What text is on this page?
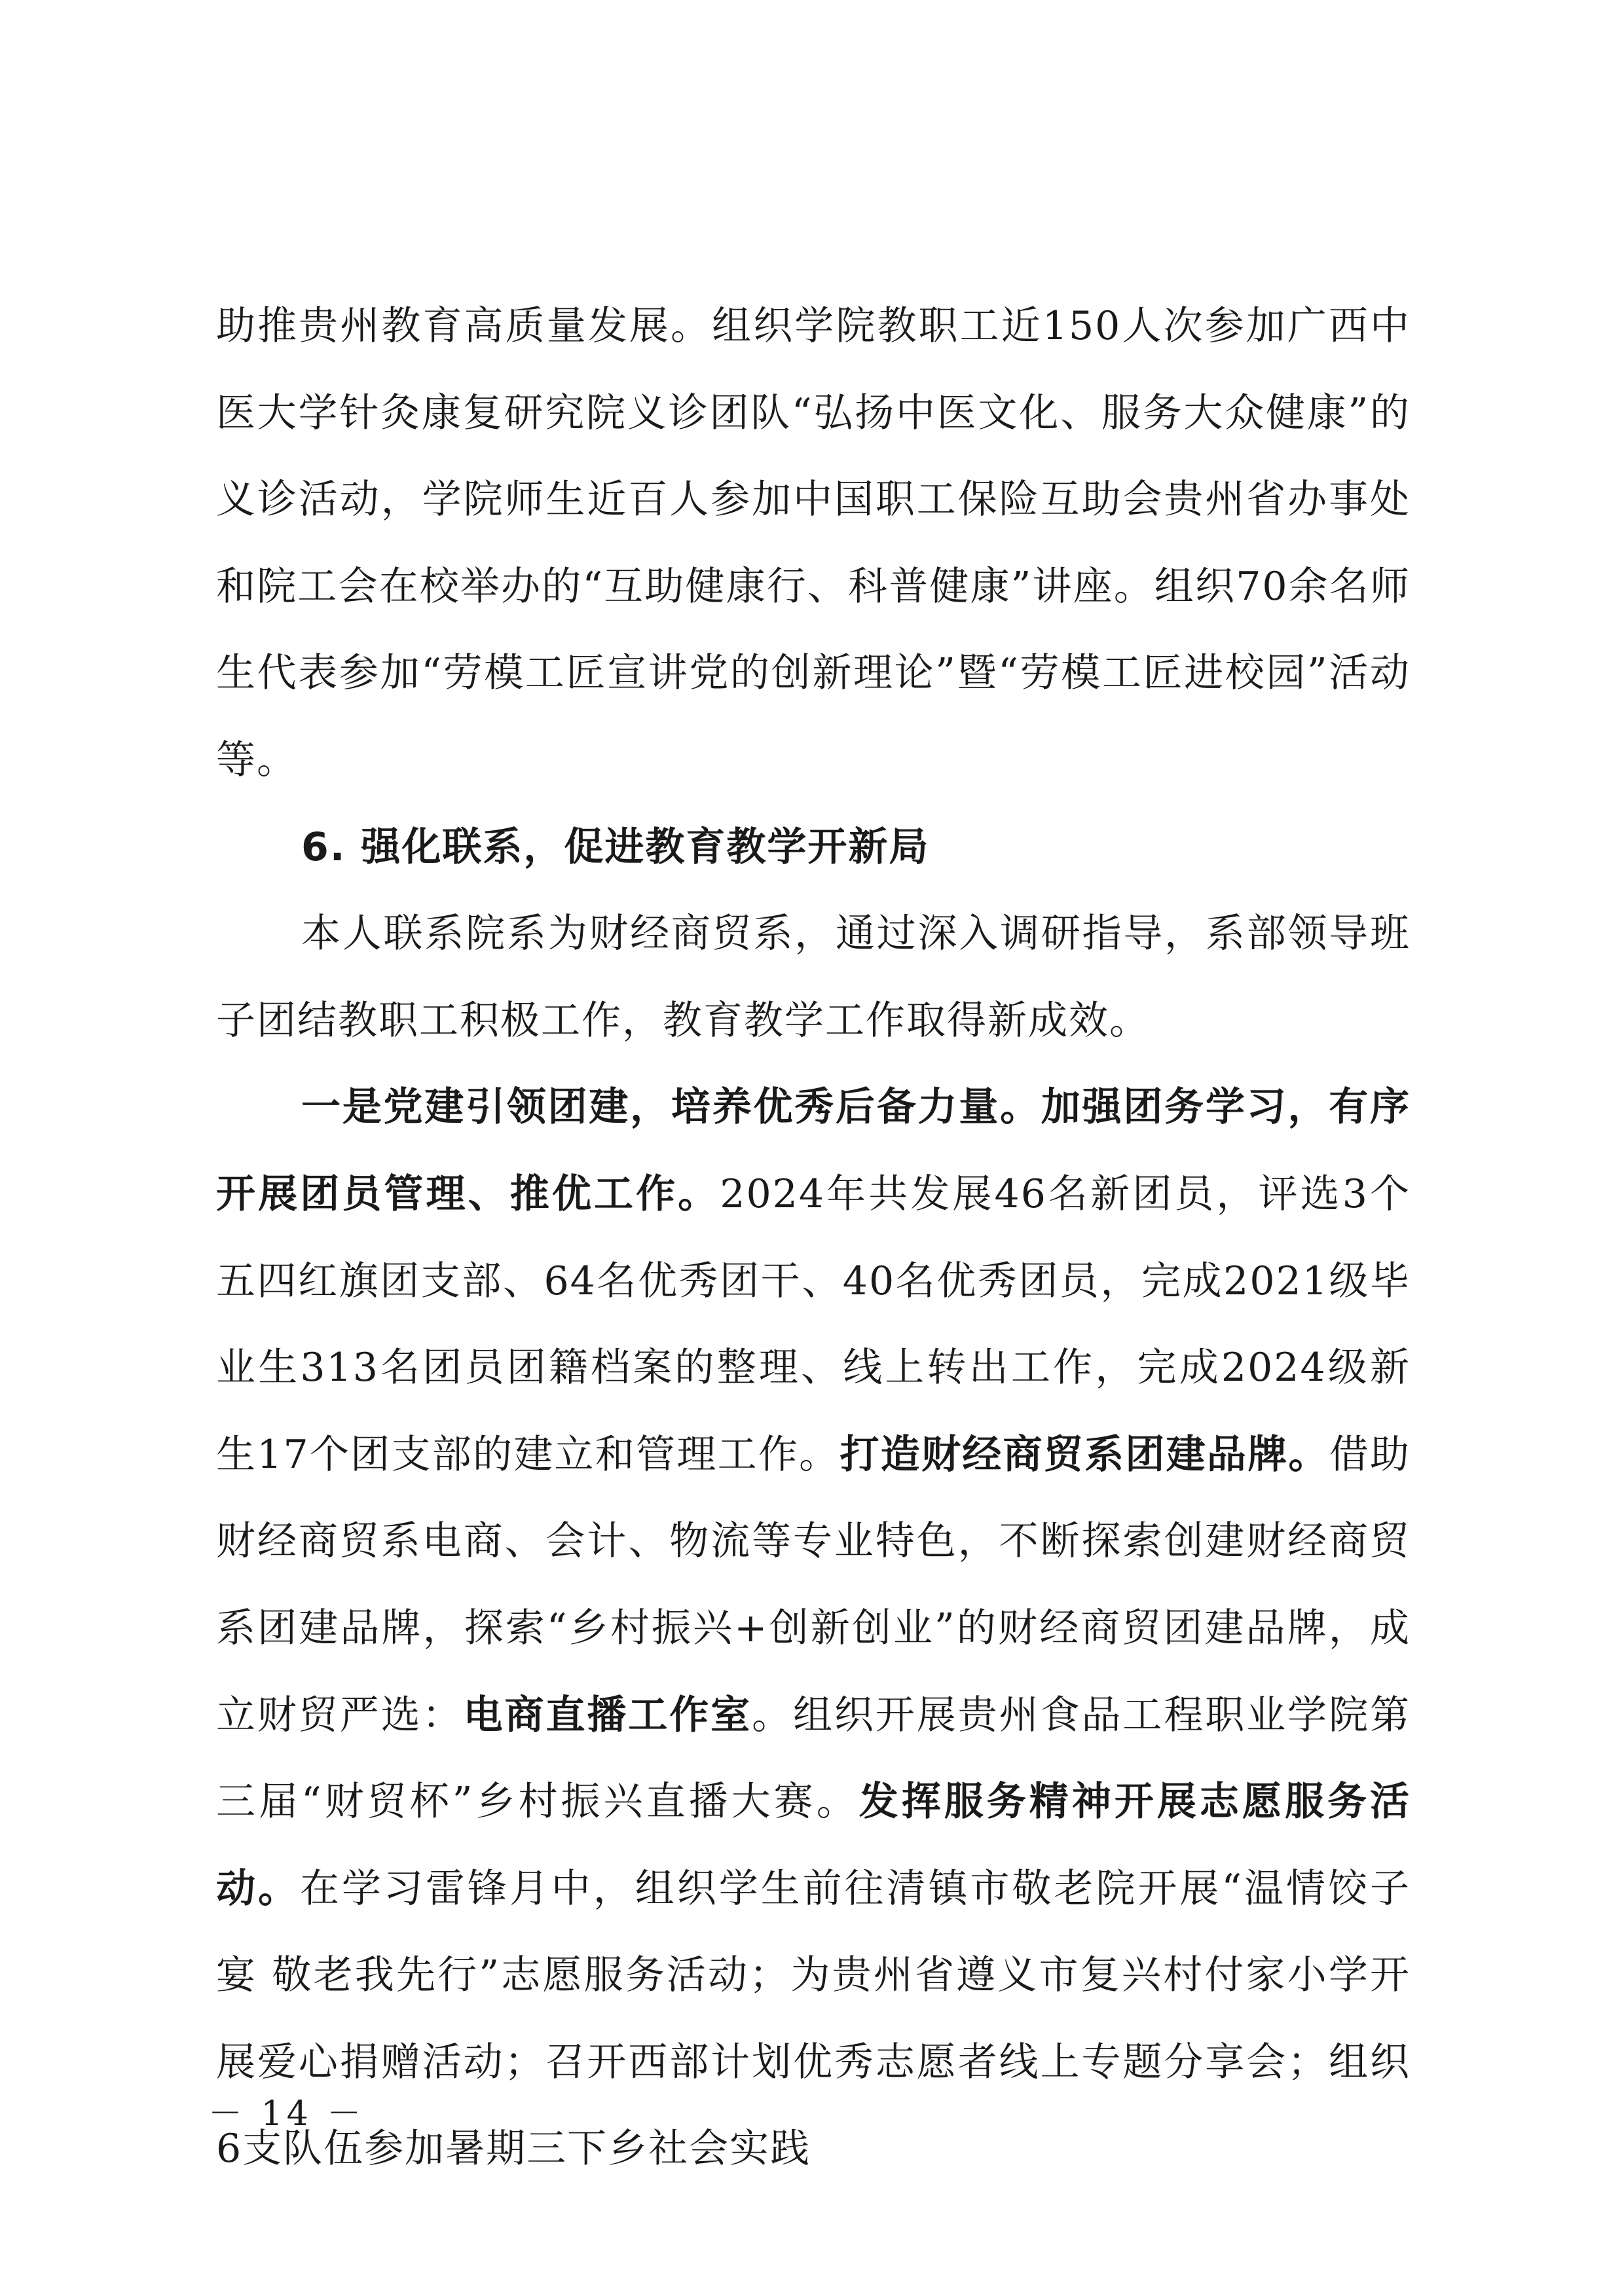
助推贵州教育高质量发展。组织学院教职工近150人次参加广西中医大学针灸康复研究院义诊团队“弘扬中医文化、服务大众健康”的义诊活动，学院师生近百人参加中国职工保险互助会贵州省办事处和院工会在校举办的“互助健康行、科普健康”讲座。组织70余名师生代表参加“劳模工匠宣讲党的创新理论”暨“劳模工匠进校园”活动等。

6. 强化联系，促进教育教学开新局

本人联系院系为财经商贸系，通过深入调研指导，系部领导班子团结教职工积极工作，教育教学工作取得新成效。

一是党建引领团建，培养优秀后备力量。加强团务学习，有序开展团员管理、推优工作。2024年共发展46名新团员，评选3个五四红旗团支部、64名优秀团干、40名优秀团员，完成2021级毕业生313名团员团籍档案的整理、线上转出工作，完成2024级新生17个团支部的建立和管理工作。打造财经商贸系团建品牌。借助财经商贸系电商、会计、物流等专业特色，不断探索创建财经商贸系团建品牌，探索“乡村振兴+创新创业”的财经商贸团建品牌，成立财贸严选：电商直播工作室。组织开展贵州食品工程职业学院第三届“财贸杯”乡村振兴直播大赛。发挥服务精神开展志愿服务活动。在学习雷锋月中，组织学生前往清镇市敬老院开展“温情饺子宴 敬老我先行”志愿服务活动；为贵州省遵义市复兴村付家小学开展爱心捐赠活动；召开西部计划优秀志愿者线上专题分享会；组织6支队伍参加暑期三下乡社会实践

－ 14 －
